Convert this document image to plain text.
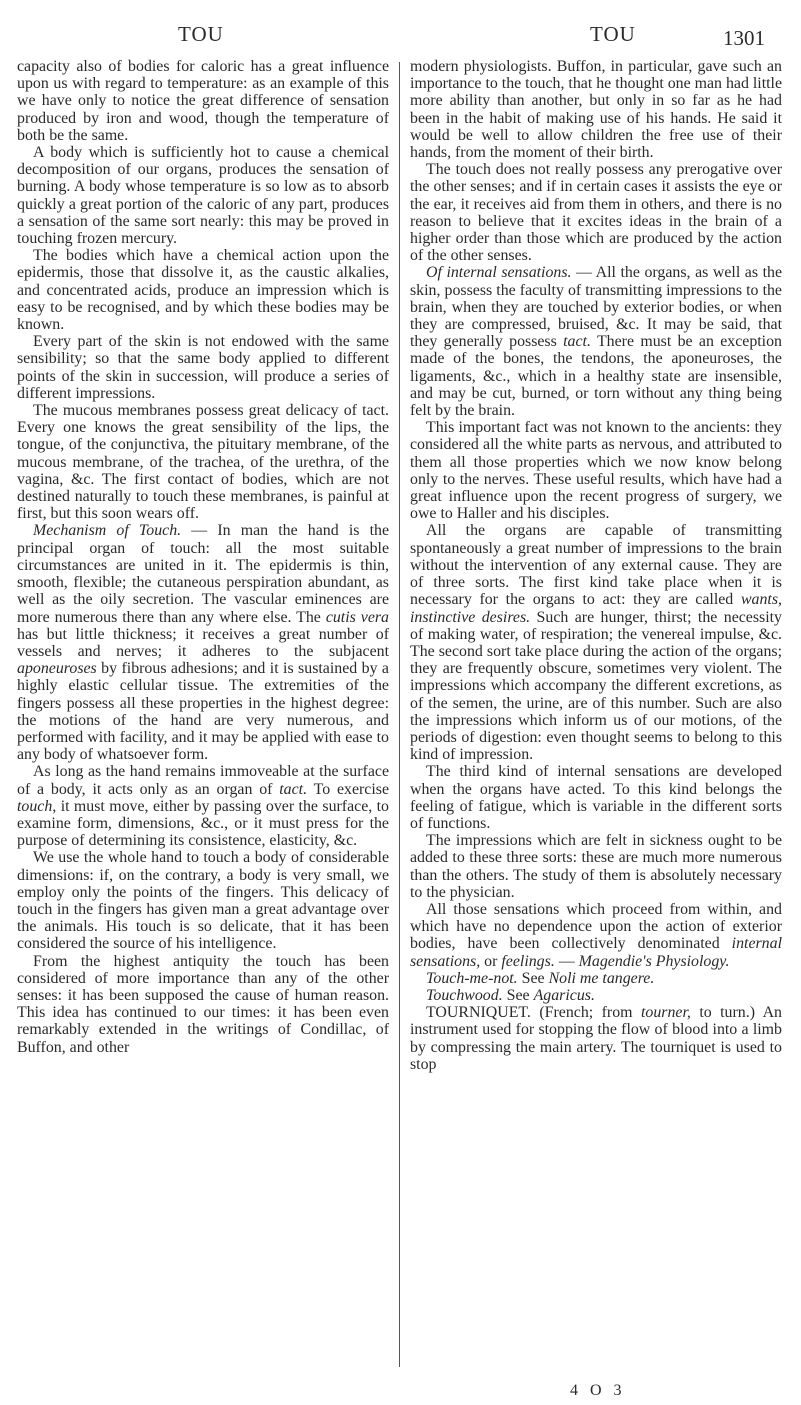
TOU	TOU	1301

capacity also of bodies for caloric has a great influence upon us with regard to temperature: as an example of this we have only to notice the great difference of sensation produced by iron and wood, though the temperature of both be the same.

A body which is sufficiently hot to cause a chemical decomposition of our organs, produces the sensation of burning. A body whose temperature is so low as to absorb quickly a great portion of the caloric of any part, produces a sensation of the same sort nearly: this may be proved in touching frozen mercury.

The bodies which have a chemical action upon the epidermis, those that dissolve it, as the caustic alkalies, and concentrated acids, produce an impression which is easy to be recognised, and by which these bodies may be known.

Every part of the skin is not endowed with the same sensibility; so that the same body applied to different points of the skin in succession, will produce a series of different impressions.

The mucous membranes possess great delicacy of tact. Every one knows the great sensibility of the lips, the tongue, of the conjunctiva, the pituitary membrane, of the mucous membrane, of the trachea, of the urethra, of the vagina, &c. The first contact of bodies, which are not destined naturally to touch these membranes, is painful at first, but this soon wears off.

Mechanism of Touch. — In man the hand is the principal organ of touch: all the most suitable circumstances are united in it. The epidermis is thin, smooth, flexible; the cutaneous perspiration abundant, as well as the oily secretion. The vascular eminences are more numerous there than any where else. The cutis vera has but little thickness; it receives a great number of vessels and nerves; it adheres to the subjacent aponeuroses by fibrous adhesions; and it is sustained by a highly elastic cellular tissue. The extremities of the fingers possess all these properties in the highest degree: the motions of the hand are very numerous, and performed with facility, and it may be applied with ease to any body of whatsoever form.

As long as the hand remains immoveable at the surface of a body, it acts only as an organ of tact. To exercise touch, it must move, either by passing over the surface, to examine form, dimensions, &c., or it must press for the purpose of determining its consistence, elasticity, &c.

We use the whole hand to touch a body of considerable dimensions: if, on the contrary, a body is very small, we employ only the points of the fingers. This delicacy of touch in the fingers has given man a great advantage over the animals. His touch is so delicate, that it has been considered the source of his intelligence.

From the highest antiquity the touch has been considered of more importance than any of the other senses: it has been supposed the cause of human reason. This idea has continued to our times: it has been even remarkably extended in the writings of Condillac, of Buffon, and other

modern physiologists. Buffon, in particular, gave such an importance to the touch, that he thought one man had little more ability than another, but only in so far as he had been in the habit of making use of his hands. He said it would be well to allow children the free use of their hands, from the moment of their birth.

The touch does not really possess any prerogative over the other senses; and if in certain cases it assists the eye or the ear, it receives aid from them in others, and there is no reason to believe that it excites ideas in the brain of a higher order than those which are produced by the action of the other senses.

Of internal sensations. — All the organs, as well as the skin, possess the faculty of transmitting impressions to the brain, when they are touched by exterior bodies, or when they are compressed, bruised, &c. It may be said, that they generally possess tact. There must be an exception made of the bones, the tendons, the aponeuroses, the ligaments, &c., which in a healthy state are insensible, and may be cut, burned, or torn without any thing being felt by the brain.

This important fact was not known to the ancients: they considered all the white parts as nervous, and attributed to them all those properties which we now know belong only to the nerves. These useful results, which have had a great influence upon the recent progress of surgery, we owe to Haller and his disciples.

All the organs are capable of transmitting spontaneously a great number of impressions to the brain without the intervention of any external cause. They are of three sorts. The first kind take place when it is necessary for the organs to act: they are called wants, instinctive desires. Such are hunger, thirst; the necessity of making water, of respiration; the venereal impulse, &c. The second sort take place during the action of the organs; they are frequently obscure, sometimes very violent. The impressions which accompany the different excretions, as of the semen, the urine, are of this number. Such are also the impressions which inform us of our motions, of the periods of digestion: even thought seems to belong to this kind of impression.

The third kind of internal sensations are developed when the organs have acted. To this kind belongs the feeling of fatigue, which is variable in the different sorts of functions.

The impressions which are felt in sickness ought to be added to these three sorts: these are much more numerous than the others. The study of them is absolutely necessary to the physician.

All those sensations which proceed from within, and which have no dependence upon the action of exterior bodies, have been collectively denominated internal sensations, or feelings. — Magendie's Physiology.

Touch-me-not. See Noli me tangere.

Touchwood. See Agaricus.

TOURNIQUET. (French; from tourner, to turn.) An instrument used for stopping the flow of blood into a limb by compressing the main artery. The tourniquet is used to stop

4 O 3
